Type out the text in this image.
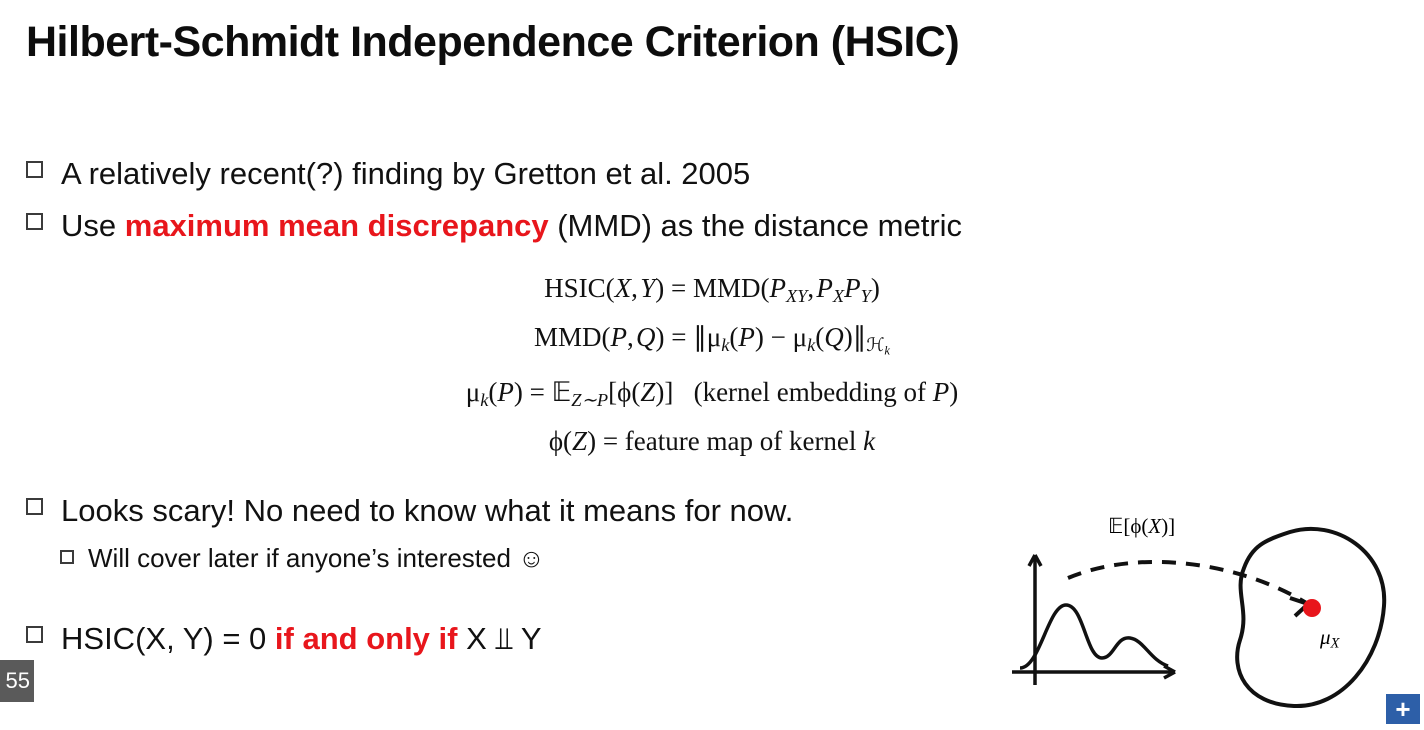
Hilbert-Schmidt Independence Criterion (HSIC)
A relatively recent(?) finding by Gretton et al. 2005
Use maximum mean discrepancy (MMD) as the distance metric
HSIC(X, Y) = MMD(PXY, PXPY)
MMD(P, Q) = ∥μk(P) − μk(Q)∥ℋk
μk(P) = 𝔼Z∼P[ϕ(Z)]   (kernel embedding of P)
ϕ(Z) = feature map of kernel k
Looks scary! No need to know what it means for now.
Will cover later if anyone’s interested ☺
HSIC(X, Y) = 0 if and only if X ⫫ Y
𝔼[ϕ(X)]
μX
55
+
